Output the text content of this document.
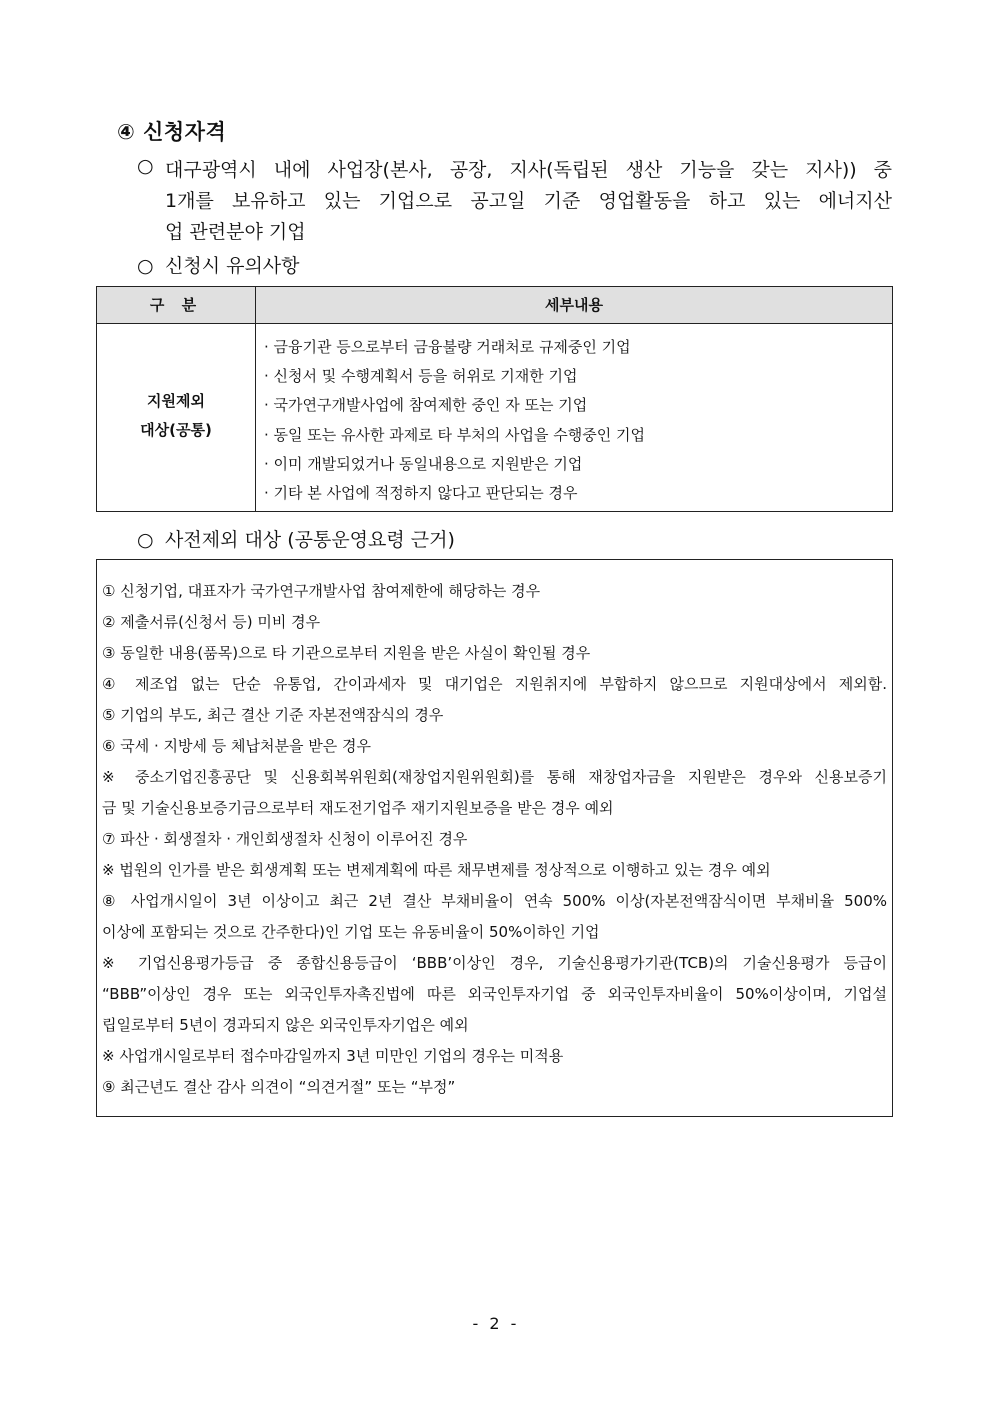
④ 신청자격
○ 대구광역시 내에 사업장(본사, 공장, 지사(독립된 생산 기능을 갖는 지사)) 중
1개를 보유하고 있는 기업으로 공고일 기준 영업활동을 하고 있는 에너지산
업 관련분야 기업
○ 신청시 유의사항
구 분	세부내용
지원제외
대상(공통)
· 금융기관 등으로부터 금융불량 거래처로 규제중인 기업
· 신청서 및 수행계획서 등을 허위로 기재한 기업
· 국가연구개발사업에 참여제한 중인 자 또는 기업
· 동일 또는 유사한 과제로 타 부처의 사업을 수행중인 기업
· 이미 개발되었거나 동일내용으로 지원받은 기업
· 기타 본 사업에 적정하지 않다고 판단되는 경우
○ 사전제외 대상 (공통운영요령 근거)
① 신청기업, 대표자가 국가연구개발사업 참여제한에 해당하는 경우
② 제출서류(신청서 등) 미비 경우
③ 동일한 내용(품목)으로 타 기관으로부터 지원을 받은 사실이 확인될 경우
④ 제조업 없는 단순 유통업, 간이과세자 및 대기업은 지원취지에 부합하지 않으므로 지원대상에서 제외함.
⑤ 기업의 부도, 최근 결산 기준 자본전액잠식의 경우
⑥ 국세 · 지방세 등 체납처분을 받은 경우
※ 중소기업진흥공단 및 신용회복위원회(재창업지원위원회)를 통해 재창업자금을 지원받은 경우와 신용보증기
금 및 기술신용보증기금으로부터 재도전기업주 재기지원보증을 받은 경우 예외
⑦ 파산 · 회생절차 · 개인회생절차 신청이 이루어진 경우
※ 법원의 인가를 받은 회생계획 또는 변제계획에 따른 채무변제를 정상적으로 이행하고 있는 경우 예외
⑧ 사업개시일이 3년 이상이고 최근 2년 결산 부채비율이 연속 500% 이상(자본전액잠식이면 부채비율 500%
이상에 포함되는 것으로 간주한다)인 기업 또는 유동비율이 50%이하인 기업
※ 기업신용평가등급 중 종합신용등급이 ‘BBB’이상인 경우, 기술신용평가기관(TCB)의 기술신용평가 등급이
“BBB”이상인 경우 또는 외국인투자촉진법에 따른 외국인투자기업 중 외국인투자비율이 50%이상이며, 기업설
립일로부터 5년이 경과되지 않은 외국인투자기업은 예외
※ 사업개시일로부터 접수마감일까지 3년 미만인 기업의 경우는 미적용
⑨ 최근년도 결산 감사 의견이 “의견거절” 또는 “부정”
- 2 -
